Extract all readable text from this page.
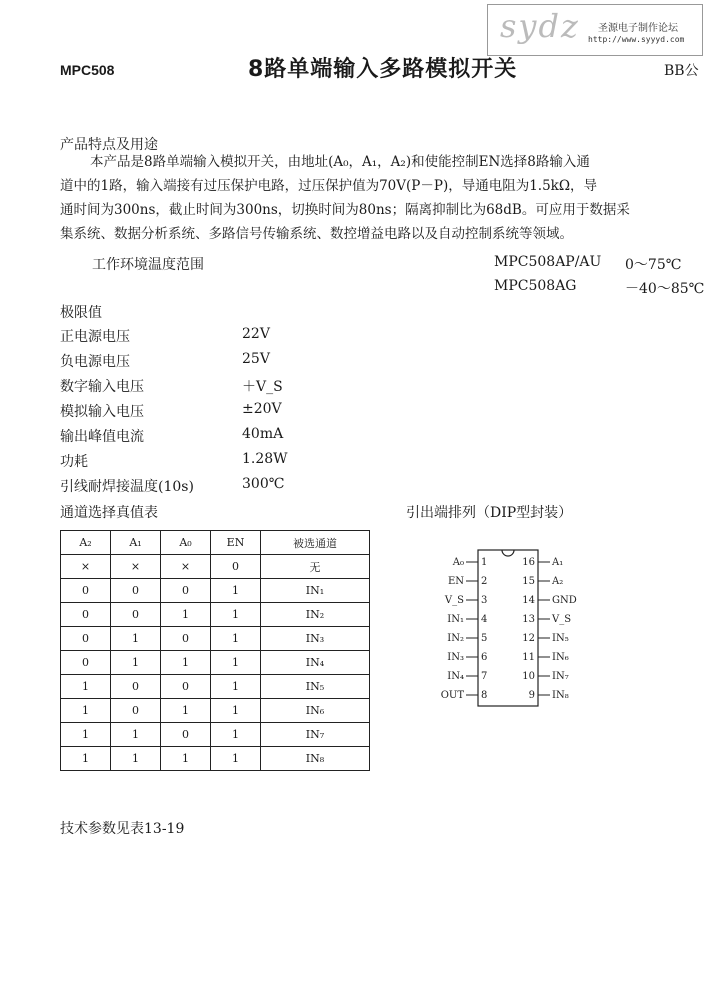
sydz 圣源电子制作论坛
http://www.syyyd.com
MPC508	8路单端输入多路模拟开关	BB公
产品特点及用途
本产品是8路单端输入模拟开关，由地址(A₀，A₁，A₂)和使能控制EN选择8路输入通
道中的1路，输入端接有过压保护电路，过压保护值为70V(P－P)，导通电阻为1.5kΩ，导
通时间为300ns，截止时间为300ns，切换时间为80ns；隔离抑制比为68dB。可应用于数据采
集系统、数据分析系统、多路信号传输系统、数控增益电路以及自动控制系统等领域。
工作环境温度范围	MPC508AP/AU 0～75℃
MPC508AG	－40～85℃
极限值
正电源电压	22V
负电源电压	25V
数字输入电压	＋V_S
模拟输入电压	±20V
输出峰值电流	40mA
功耗	1.28W
引线耐焊接温度(10s)	300℃
通道选择真值表
A₂	A₁	A₀	EN	被选通道
×	×	×	0	无
0	0	0	1	IN₁
0	0	1	1	IN₂
0	1	0	1	IN₃
0	1	1	1	IN₄
1	0	0	1	IN₅
1	0	1	1	IN₆
1	1	0	1	IN₇
1	1	1	1	IN₈
引出端排列（DIP型封装）
A₀ 1
EN 2
V_S 3
IN₁ 4
IN₂ 5
IN₃ 6
IN₄ 7
OUT 8
A₁
16
A₂
15
GND
14
V_S
13
IN₅
12
IN₆
11
IN₇
10
IN₈
9
技术参数见表13-19
